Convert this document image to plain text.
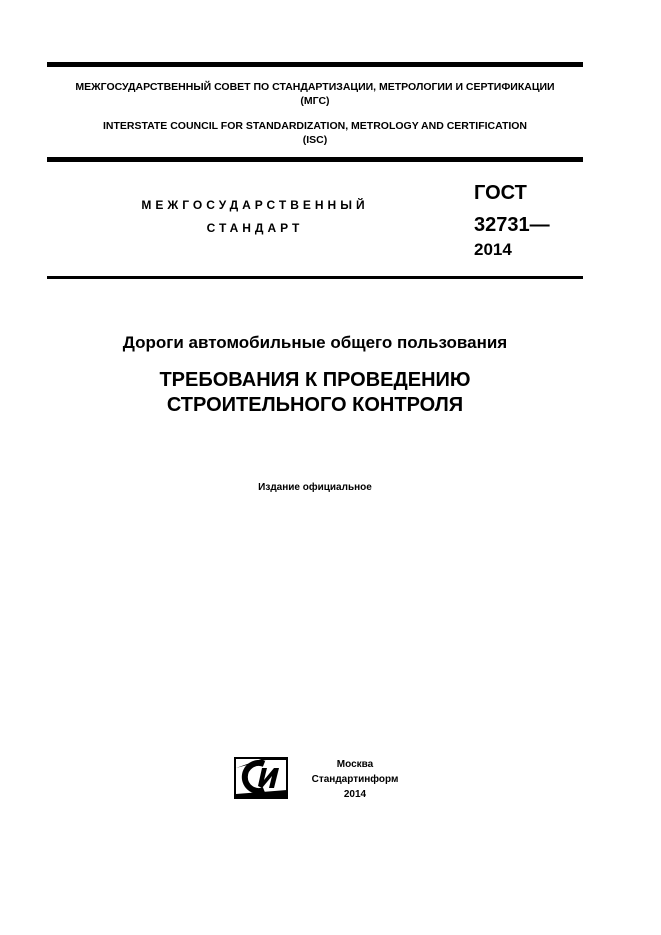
МЕЖГОСУДАРСТВЕННЫЙ СОВЕТ ПО СТАНДАРТИЗАЦИИ, МЕТРОЛОГИИ И СЕРТИФИКАЦИИ
(МГС)
INTERSTATE COUNCIL FOR STANDARDIZATION, METROLOGY AND CERTIFICATION
(ISC)
МЕЖГОСУДАРСТВЕННЫЙ
СТАНДАРТ
ГОСТ
32731—
2014
Дороги автомобильные общего пользования
ТРЕБОВАНИЯ К ПРОВЕДЕНИЮ
СТРОИТЕЛЬНОГО КОНТРОЛЯ
Издание официальное
Москва
Стандартинформ
2014
